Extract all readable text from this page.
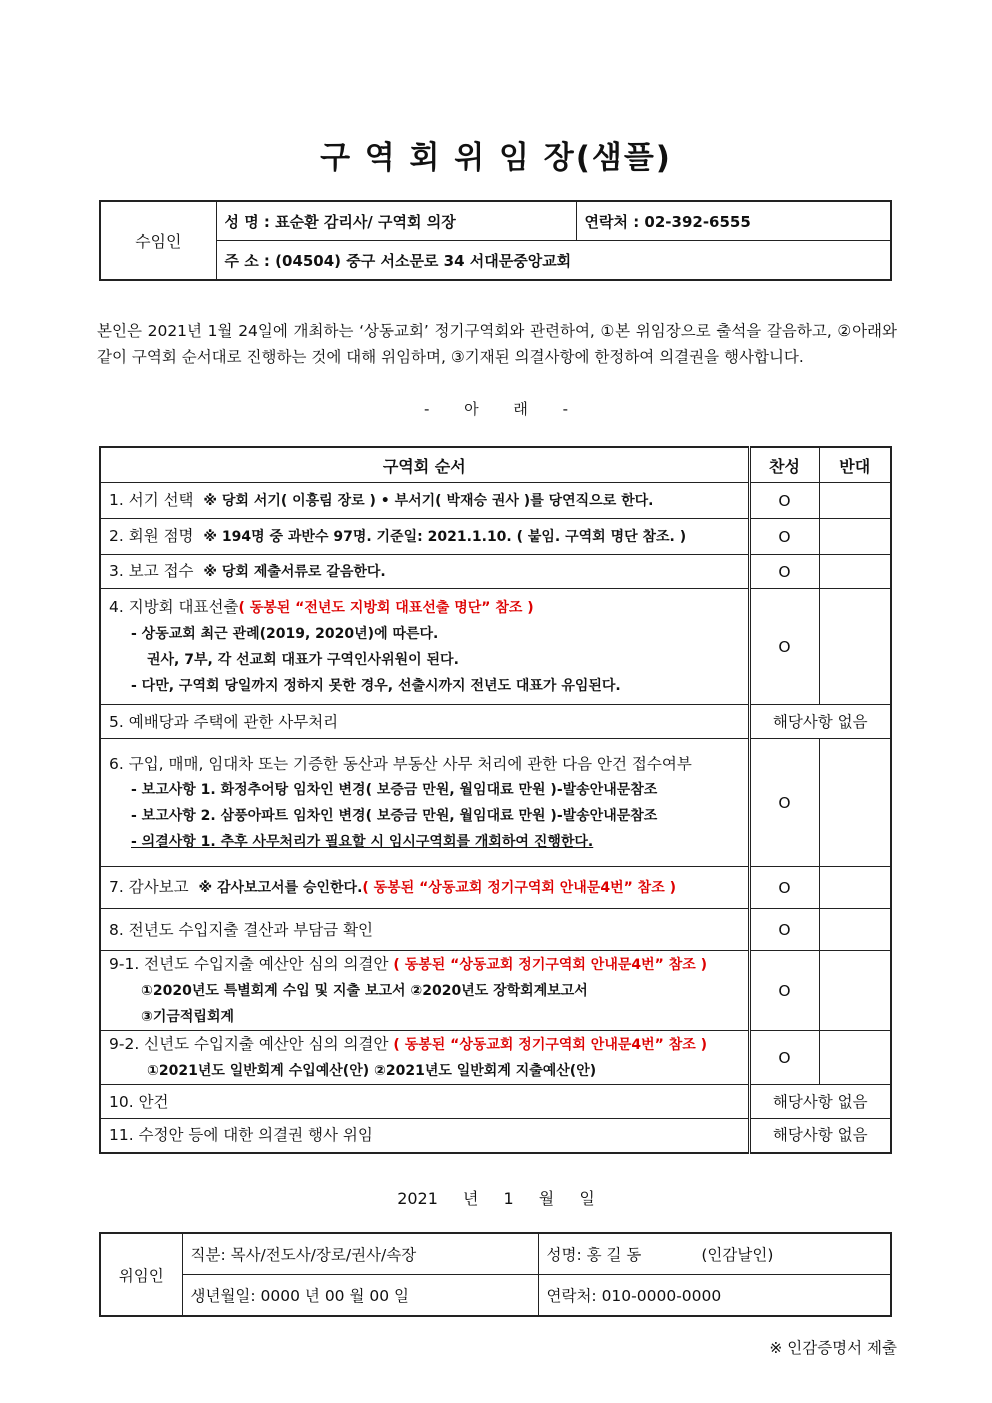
구 역 회 위 임 장(샘플)
수임인	성 명 : 표순환 감리사/ 구역회 의장	연락처 : 02-392-6555
주 소 : (04504) 중구 서소문로 34 서대문중앙교회
본인은 2021년 1월 24일에 개최하는 ‘상동교회’ 정기구역회와 관련하여, ①본 위임장으로 출석을 갈음하고, ②아래와 같이 구역회 순서대로 진행하는 것에 대해 위임하며, ③기재된 의결사항에 한정하여 의결권을 행사합니다.
- 아 래 -
구역회 순서	찬성	반대
1. 서기 선택 ※ 당회 서기( 이흥림 장로 ) • 부서기( 박재승 권사 )를 당연직으로 한다.	O	
2. 회원 점명 ※ 194명 중 과반수 97명. 기준일: 2021.1.10. ( 붙임. 구역회 명단 참조. )	O	
3. 보고 접수 ※ 당회 제출서류로 갈음한다.	O	
4. 지방회 대표선출( 동봉된 “전년도 지방회 대표선출 명단” 참조 )
- 상동교회 최근 관례(2019, 2020년)에 따른다.
권사, 7부, 각 선교회 대표가 구역인사위원이 된다.
- 다만, 구역회 당일까지 정하지 못한 경우, 선출시까지 전년도 대표가 유임된다.	O	
5. 예배당과 주택에 관한 사무처리	해당사항 없음	
6. 구입, 매매, 임대차 또는 기증한 동산과 부동산 사무 처리에 관한 다음 안건 접수여부
- 보고사항 1. 화정추어탕 임차인 변경( 보증금 만원, 월임대료 만원 )-발송안내문참조
- 보고사항 2. 삼풍아파트 임차인 변경( 보증금 만원, 월임대료 만원 )-발송안내문참조
- 의결사항 1. 추후 사무처리가 필요할 시 임시구역회를 개회하여 진행한다.	O	
7. 감사보고 ※ 감사보고서를 승인한다.( 동봉된 “상동교회 정기구역회 안내문4번” 참조 )	O	
8. 전년도 수입지출 결산과 부담금 확인	O	
9-1. 전년도 수입지출 예산안 심의 의결안 ( 동봉된 “상동교회 정기구역회 안내문4번” 참조 )
①2020년도 특별회계 수입 및 지출 보고서 ②2020년도 장학회계보고서
③기금적립회계	O	
9-2. 신년도 수입지출 예산안 심의 의결안 ( 동봉된 “상동교회 정기구역회 안내문4번” 참조 )
①2021년도 일반회계 수입예산(안) ②2021년도 일반회계 지출예산(안)	O	
10. 안건	해당사항 없음	
11. 수정안 등에 대한 의결권 행사 위임	해당사항 없음	
2021 년 1 월 일
위임인	직분: 목사/전도사/장로/권사/속장	성명: 홍 길 동 (인감날인)
	생년월일: 0000 년 00 월 00 일	연락처: 010-0000-0000
※ 인감증명서 제출
